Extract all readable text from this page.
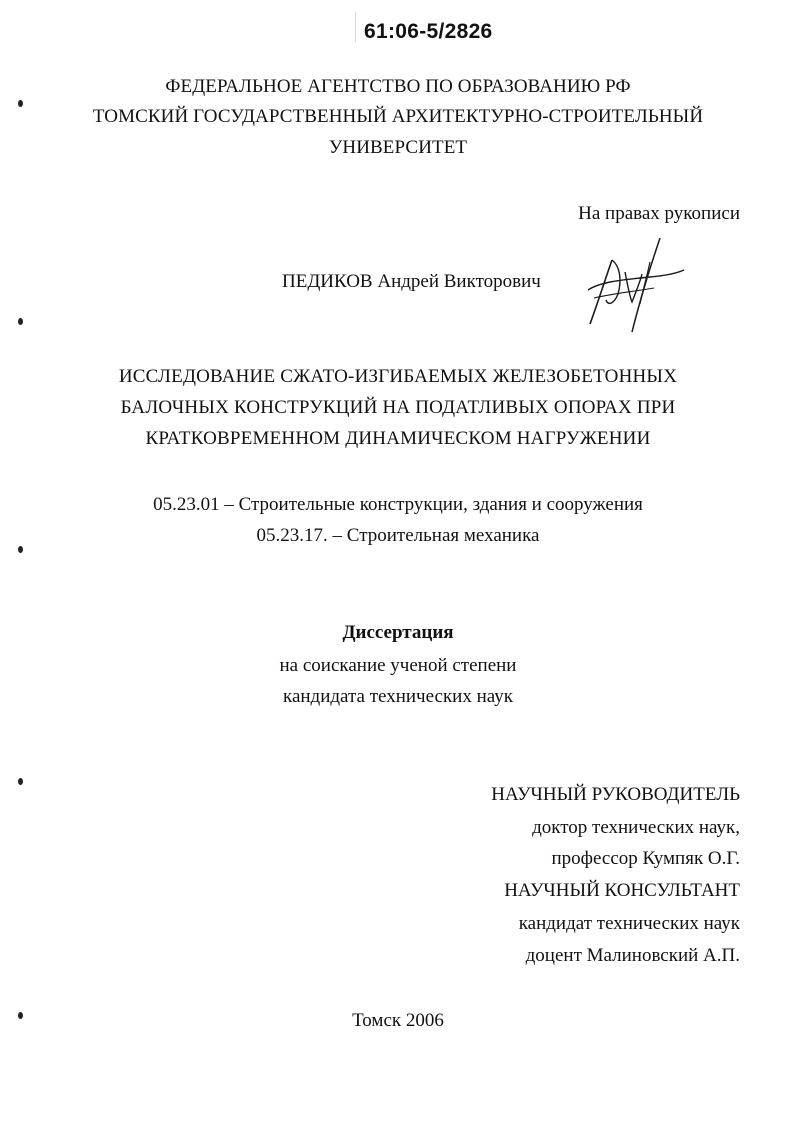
61:06-5/2826
ФЕДЕРАЛЬНОЕ АГЕНТСТВО ПО ОБРАЗОВАНИЮ РФ
ТОМСКИЙ ГОСУДАРСТВЕННЫЙ АРХИТЕКТУРНО-СТРОИТЕЛЬНЫЙ
УНИВЕРСИТЕТ
На правах рукописи
ПЕДИКОВ Андрей Викторович
ИССЛЕДОВАНИЕ СЖАТО-ИЗГИБАЕМЫХ ЖЕЛЕЗОБЕТОННЫХ
БАЛОЧНЫХ КОНСТРУКЦИЙ НА ПОДАТЛИВЫХ ОПОРАХ ПРИ
КРАТКОВРЕМЕННОМ ДИНАМИЧЕСКОМ НАГРУЖЕНИИ
05.23.01 – Строительные конструкции, здания и сооружения
05.23.17. – Строительная механика
Диссертация
на соискание ученой степени
кандидата технических наук
НАУЧНЫЙ РУКОВОДИТЕЛЬ
доктор технических наук,
профессор Кумпяк О.Г.
НАУЧНЫЙ КОНСУЛЬТАНТ
кандидат технических наук
доцент Малиновский А.П.
Томск 2006
